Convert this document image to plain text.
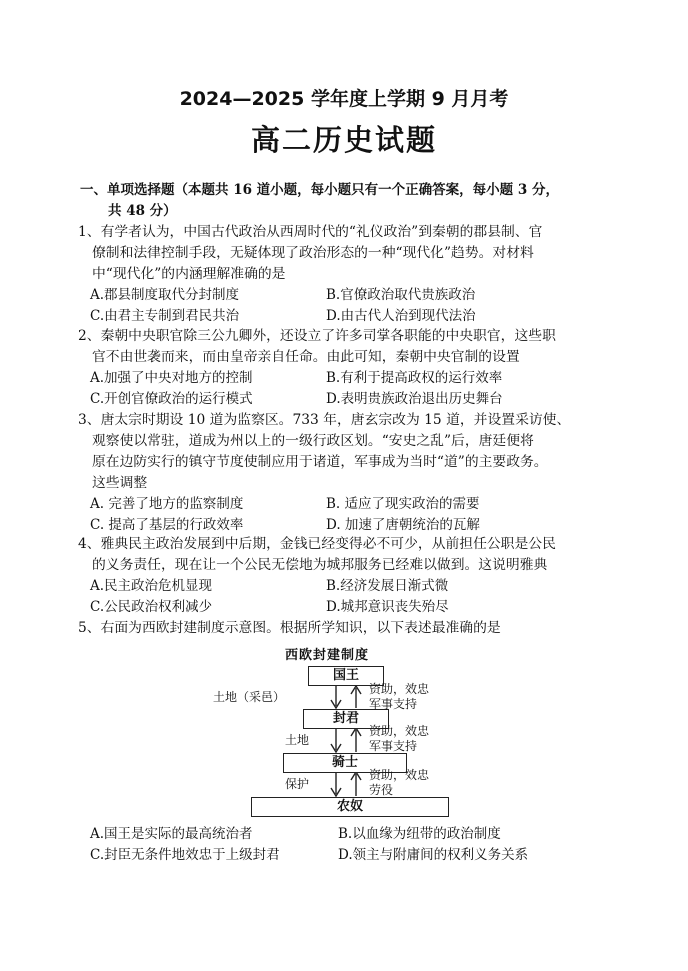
2024—2025 学年度上学期 9 月月考
高二历史试题
一、单项选择题（本题共 16 道小题，每小题只有一个正确答案，每小题 3 分，
共 48 分）
1、有学者认为，中国古代政治从西周时代的“礼仪政治”到秦朝的郡县制、官
僚制和法律控制手段，无疑体现了政治形态的一种“现代化”趋势。对材料
中“现代化”的内涵理解准确的是
A.郡县制度取代分封制度	B.官僚政治取代贵族政治
C.由君主专制到君民共治	D.由古代人治到现代法治
2、秦朝中央职官除三公九卿外，还设立了许多司掌各职能的中央职官，这些职
官不由世袭而来，而由皇帝亲自任命。由此可知，秦朝中央官制的设置
A.加强了中央对地方的控制	B.有利于提高政权的运行效率
C.开创官僚政治的运行模式	D.表明贵族政治退出历史舞台
3、唐太宗时期设 10 道为监察区。733 年，唐玄宗改为 15 道，并设置采访使、
观察使以常驻，道成为州以上的一级行政区划。“安史之乱”后，唐廷便将
原在边防实行的镇守节度使制应用于诸道，军事成为当时“道”的主要政务。
这些调整
A. 完善了地方的监察制度	B. 适应了现实政治的需要
C. 提高了基层的行政效率	D. 加速了唐朝统治的瓦解
4、雅典民主政治发展到中后期，金钱已经变得必不可少，从前担任公职是公民
的义务责任，现在让一个公民无偿地为城邦服务已经难以做到。这说明雅典
A.民主政治危机显现	B.经济发展日渐式微
C.公民政治权利减少	D.城邦意识丧失殆尽
5、右面为西欧封建制度示意图。根据所学知识，以下表述最准确的是
西欧封建制度
国王
封君
骑士
农奴
土地（采邑）
土地
保护
资助，效忠
军事支持
资助，效忠
军事支持
资助，效忠
劳役
A.国王是实际的最高统治者	B.以血缘为纽带的政治制度
C.封臣无条件地效忠于上级封君	D.领主与附庸间的权利义务关系
